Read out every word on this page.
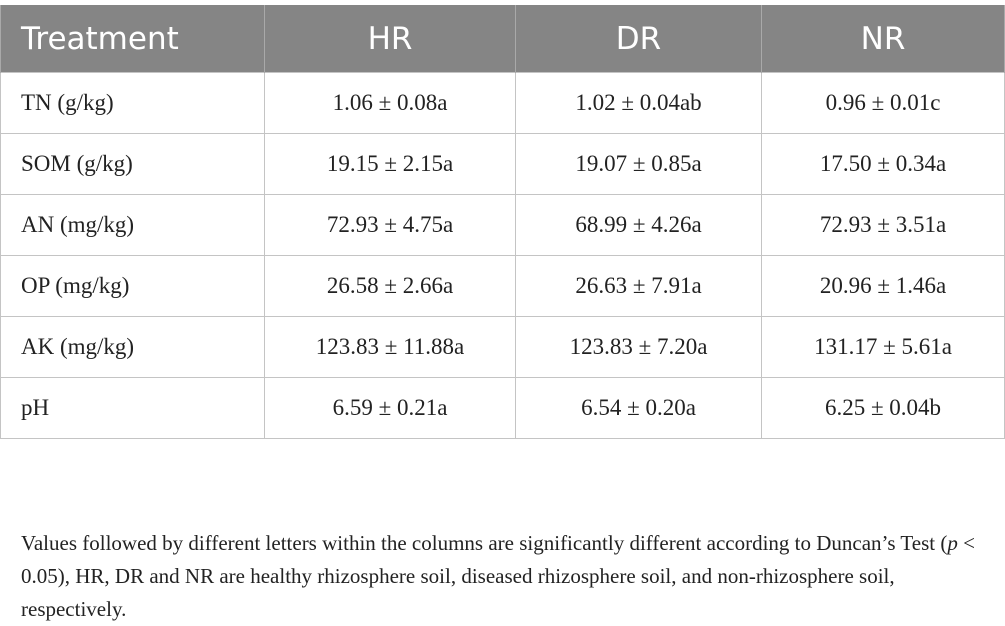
Treatment	HR	DR	NR
TN (g/kg)	1.06 ± 0.08a	1.02 ± 0.04ab	0.96 ± 0.01c
SOM (g/kg)	19.15 ± 2.15a	19.07 ± 0.85a	17.50 ± 0.34a
AN (mg/kg)	72.93 ± 4.75a	68.99 ± 4.26a	72.93 ± 3.51a
OP (mg/kg)	26.58 ± 2.66a	26.63 ± 7.91a	20.96 ± 1.46a
AK (mg/kg)	123.83 ± 11.88a	123.83 ± 7.20a	131.17 ± 5.61a
pH	6.59 ± 0.21a	6.54 ± 0.20a	6.25 ± 0.04b

Values followed by different letters within the columns are significantly different according to Duncan’s Test (p < 0.05), HR, DR and NR are healthy rhizosphere soil, diseased rhizosphere soil, and non-rhizosphere soil, respectively.
